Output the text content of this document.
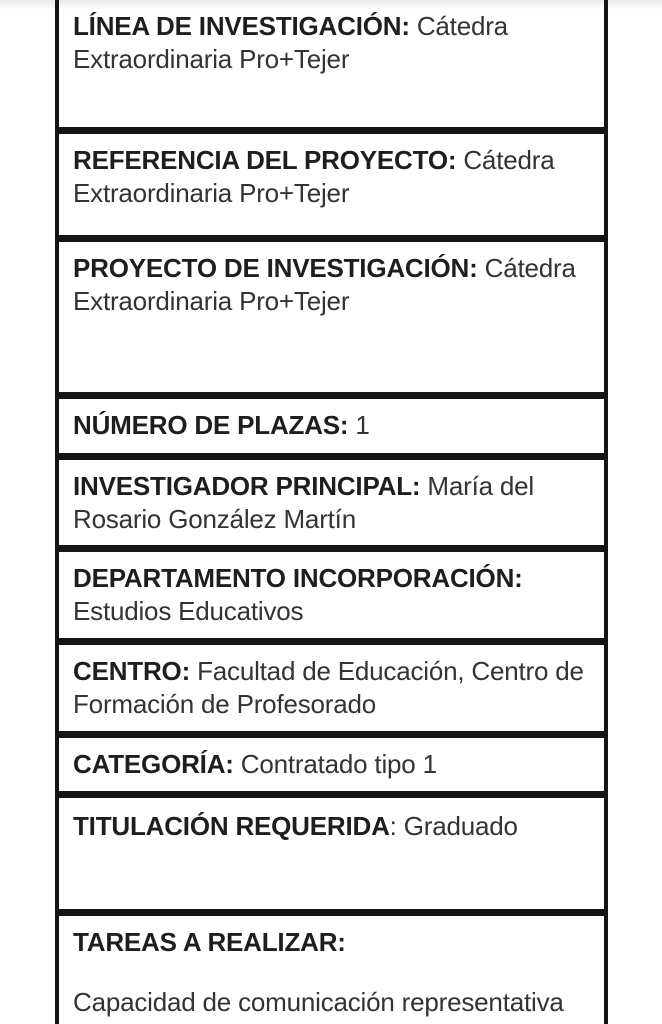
LÍNEA DE INVESTIGACIÓN: Cátedra Extraordinaria Pro+Tejer
REFERENCIA DEL PROYECTO: Cátedra Extraordinaria Pro+Tejer
PROYECTO DE INVESTIGACIÓN: Cátedra Extraordinaria Pro+Tejer
NÚMERO DE PLAZAS: 1
INVESTIGADOR PRINCIPAL: María del Rosario González Martín
DEPARTAMENTO INCORPORACIÓN: Estudios Educativos
CENTRO: Facultad de Educación, Centro de Formación de Profesorado
CATEGORÍA: Contratado tipo 1
TITULACIÓN REQUERIDA: Graduado
TAREAS A REALIZAR:
Capacidad de comunicación representativa
